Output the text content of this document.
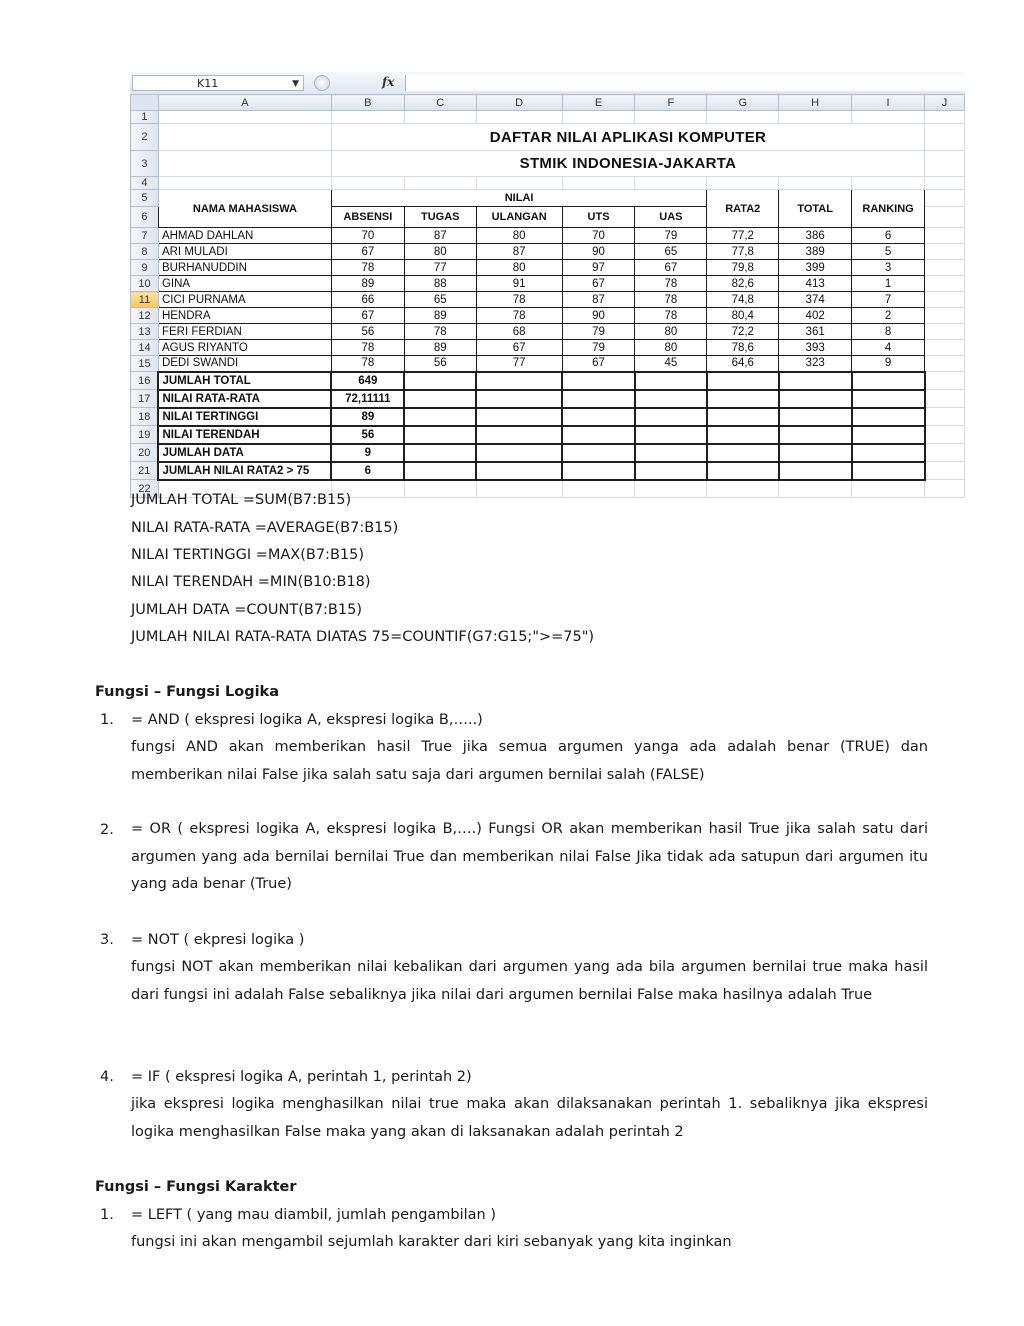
K11	▼	fx
	A	B	C	D	E	F	G	H	I	J
1										
2		DAFTAR NILAI APLIKASI KOMPUTER								
3		STMIK INDONESIA-JAKARTA								
4										
5	NAMA MAHASISWA	NILAI					RATA2	TOTAL	RANKING	
6		ABSENSI	TUGAS	ULANGAN	UTS	UAS				
7	AHMAD DAHLAN	70	87	80	70	79	77,2	386	6	
8	ARI MULADI	67	80	87	90	65	77,8	389	5	
9	BURHANUDDIN	78	77	80	97	67	79,8	399	3	
10	GINA	89	88	91	67	78	82,6	413	1	
11	CICI PURNAMA	66	65	78	87	78	74,8	374	7	
12	HENDRA	67	89	78	90	78	80,4	402	2	
13	FERI FERDIAN	56	78	68	79	80	72,2	361	8	
14	AGUS RIYANTO	78	89	67	79	80	78,6	393	4	
15	DEDI SWANDI	78	56	77	67	45	64,6	323	9	
16	JUMLAH TOTAL	649								
17	NILAI RATA-RATA	72,11111								
18	NILAI TERTINGGI	89								
19	NILAI TERENDAH	56								
20	JUMLAH DATA	9								
21	JUMLAH NILAI RATA2 > 75	6								
22										
JUMLAH TOTAL =SUM(B7:B15)
NILAI RATA-RATA =AVERAGE(B7:B15)
NILAI TERTINGGI =MAX(B7:B15)
NILAI TERENDAH =MIN(B10:B18)
JUMLAH DATA =COUNT(B7:B15)
JUMLAH NILAI RATA-RATA DIATAS 75=COUNTIF(G7:G15;">=75")
Fungsi – Fungsi Logika
1. = AND ( ekspresi logika A, ekspresi logika B,…..)
fungsi AND akan memberikan hasil True jika semua argumen yanga ada adalah benar (TRUE) dan memberikan nilai False jika salah satu saja dari argumen bernilai salah (FALSE)
2. = OR ( ekspresi logika A, ekspresi logika B,….) Fungsi OR akan memberikan hasil True jika salah satu dari argumen yang ada bernilai bernilai True dan memberikan nilai False Jika tidak ada satupun dari argumen itu yang ada benar (True)
3. = NOT ( ekpresi logika )
fungsi NOT akan memberikan nilai kebalikan dari argumen yang ada bila argumen bernilai true maka hasil dari fungsi ini adalah False sebaliknya jika nilai dari argumen bernilai False maka hasilnya adalah True
4. = IF ( ekspresi logika A, perintah 1, perintah 2)
jika ekspresi logika menghasilkan nilai true maka akan dilaksanakan perintah 1. sebaliknya jika ekspresi logika menghasilkan False maka yang akan di laksanakan adalah perintah 2
Fungsi – Fungsi Karakter
1. = LEFT ( yang mau diambil, jumlah pengambilan )
fungsi ini akan mengambil sejumlah karakter dari kiri sebanyak yang kita inginkan
